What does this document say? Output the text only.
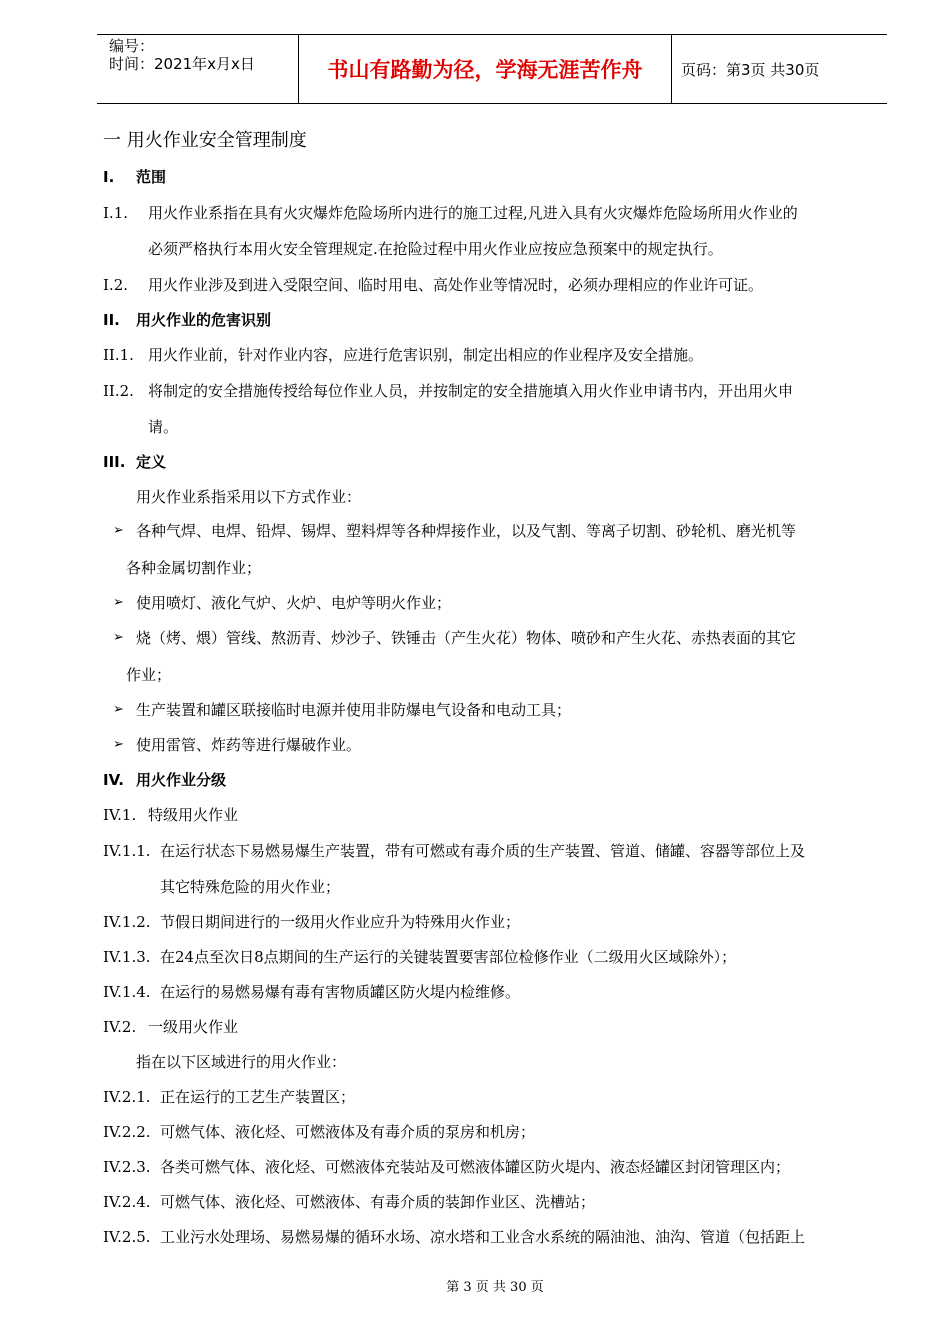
编号：
时间：2021年x月x日	书山有路勤为径，学海无涯苦作舟	页码：第3页 共30页
一 用火作业安全管理制度
I. 范围
I.1. 用火作业系指在具有火灾爆炸危险场所内进行的施工过程,凡进入具有火灾爆炸危险场所用火作业的
必须严格执行本用火安全管理规定.在抢险过程中用火作业应按应急预案中的规定执行。
I.2. 用火作业涉及到进入受限空间、临时用电、高处作业等情况时，必须办理相应的作业许可证。
II. 用火作业的危害识别
II.1. 用火作业前，针对作业内容，应进行危害识别，制定出相应的作业程序及安全措施。
II.2. 将制定的安全措施传授给每位作业人员，并按制定的安全措施填入用火作业申请书内，开出用火申
请。
III. 定义
用火作业系指采用以下方式作业：
➢ 各种气焊、电焊、铅焊、锡焊、塑料焊等各种焊接作业，以及气割、等离子切割、砂轮机、磨光机等
各种金属切割作业；
➢ 使用喷灯、液化气炉、火炉、电炉等明火作业；
➢ 烧（烤、煨）管线、熬沥青、炒沙子、铁锤击（产生火花）物体、喷砂和产生火花、赤热表面的其它
作业；
➢ 生产装置和罐区联接临时电源并使用非防爆电气设备和电动工具；
➢ 使用雷管、炸药等进行爆破作业。
IV. 用火作业分级
IV.1. 特级用火作业
IV.1.1. 在运行状态下易燃易爆生产装置，带有可燃或有毒介质的生产装置、管道、储罐、容器等部位上及
其它特殊危险的用火作业；
IV.1.2. 节假日期间进行的一级用火作业应升为特殊用火作业；
IV.1.3. 在24点至次日8点期间的生产运行的关键装置要害部位检修作业（二级用火区域除外）；
IV.1.4. 在运行的易燃易爆有毒有害物质罐区防火堤内检维修。
IV.2. 一级用火作业
指在以下区域进行的用火作业：
IV.2.1. 正在运行的工艺生产装置区；
IV.2.2. 可燃气体、液化烃、可燃液体及有毒介质的泵房和机房；
IV.2.3. 各类可燃气体、液化烃、可燃液体充装站及可燃液体罐区防火堤内、液态烃罐区封闭管理区内；
IV.2.4. 可燃气体、液化烃、可燃液体、有毒介质的装卸作业区、洗槽站；
IV.2.5. 工业污水处理场、易燃易爆的循环水场、凉水塔和工业含水系统的隔油池、油沟、管道（包括距上
第 3 页 共 30 页
